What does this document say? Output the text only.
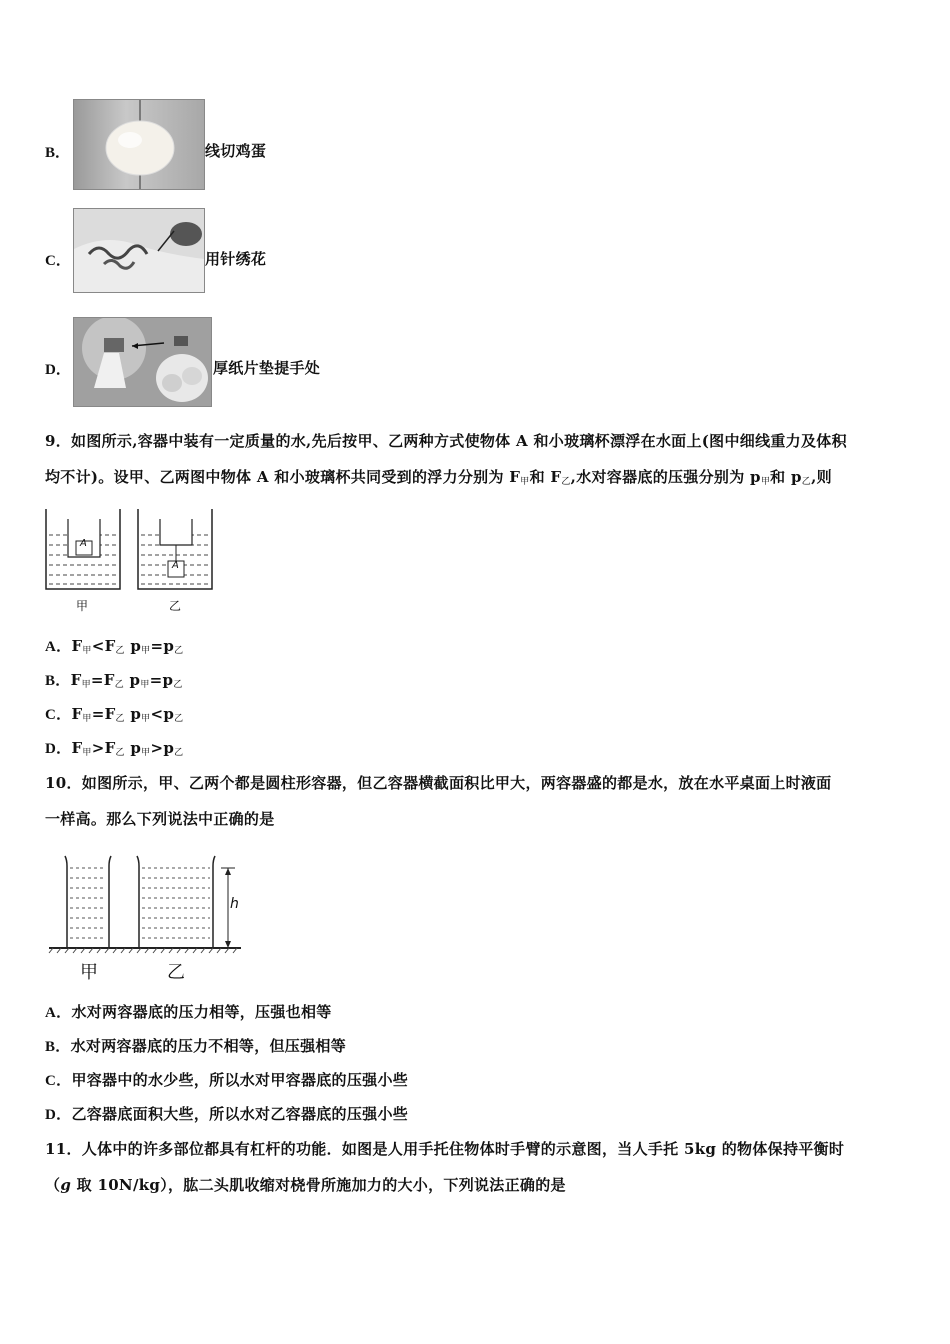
B．	线切鸡蛋
C．	用针绣花
D．	厚纸片垫提手处
9．如图所示,容器中装有一定质量的水,先后按甲、乙两种方式使物体 A 和小玻璃杯漂浮在水面上(图中细线重力及体积
均不计)。设甲、乙两图中物体 A 和小玻璃杯共同受到的浮力分别为 $F_甲$和 $F_乙$,水对容器底的压强分别为 $p_甲$和 $p_乙$,则
A
A
甲	乙
A．$F_甲<F_乙$ $p_甲=p_乙$
B．$F_甲=F_乙$ $p_甲=p_乙$
C．$F_甲=F_乙$ $p_甲<p_乙$
D．$F_甲>F_乙$ $p_甲>p_乙$
10．如图所示，甲、乙两个都是圆柱形容器，但乙容器横截面积比甲大，两容器盛的都是水，放在水平桌面上时液面
一样高。那么下列说法中正确的是
h
甲	乙
A．水对两容器底的压力相等，压强也相等
B．水对两容器底的压力不相等，但压强相等
C．甲容器中的水少些，所以水对甲容器底的压强小些
D．乙容器底面积大些，所以水对乙容器底的压强小些
11．人体中的许多部位都具有杠杆的功能．如图是人用手托住物体时手臂的示意图，当人手托 5kg 的物体保持平衡时
（g 取 10N/kg），肱二头肌收缩对桡骨所施加力的大小，下列说法正确的是
